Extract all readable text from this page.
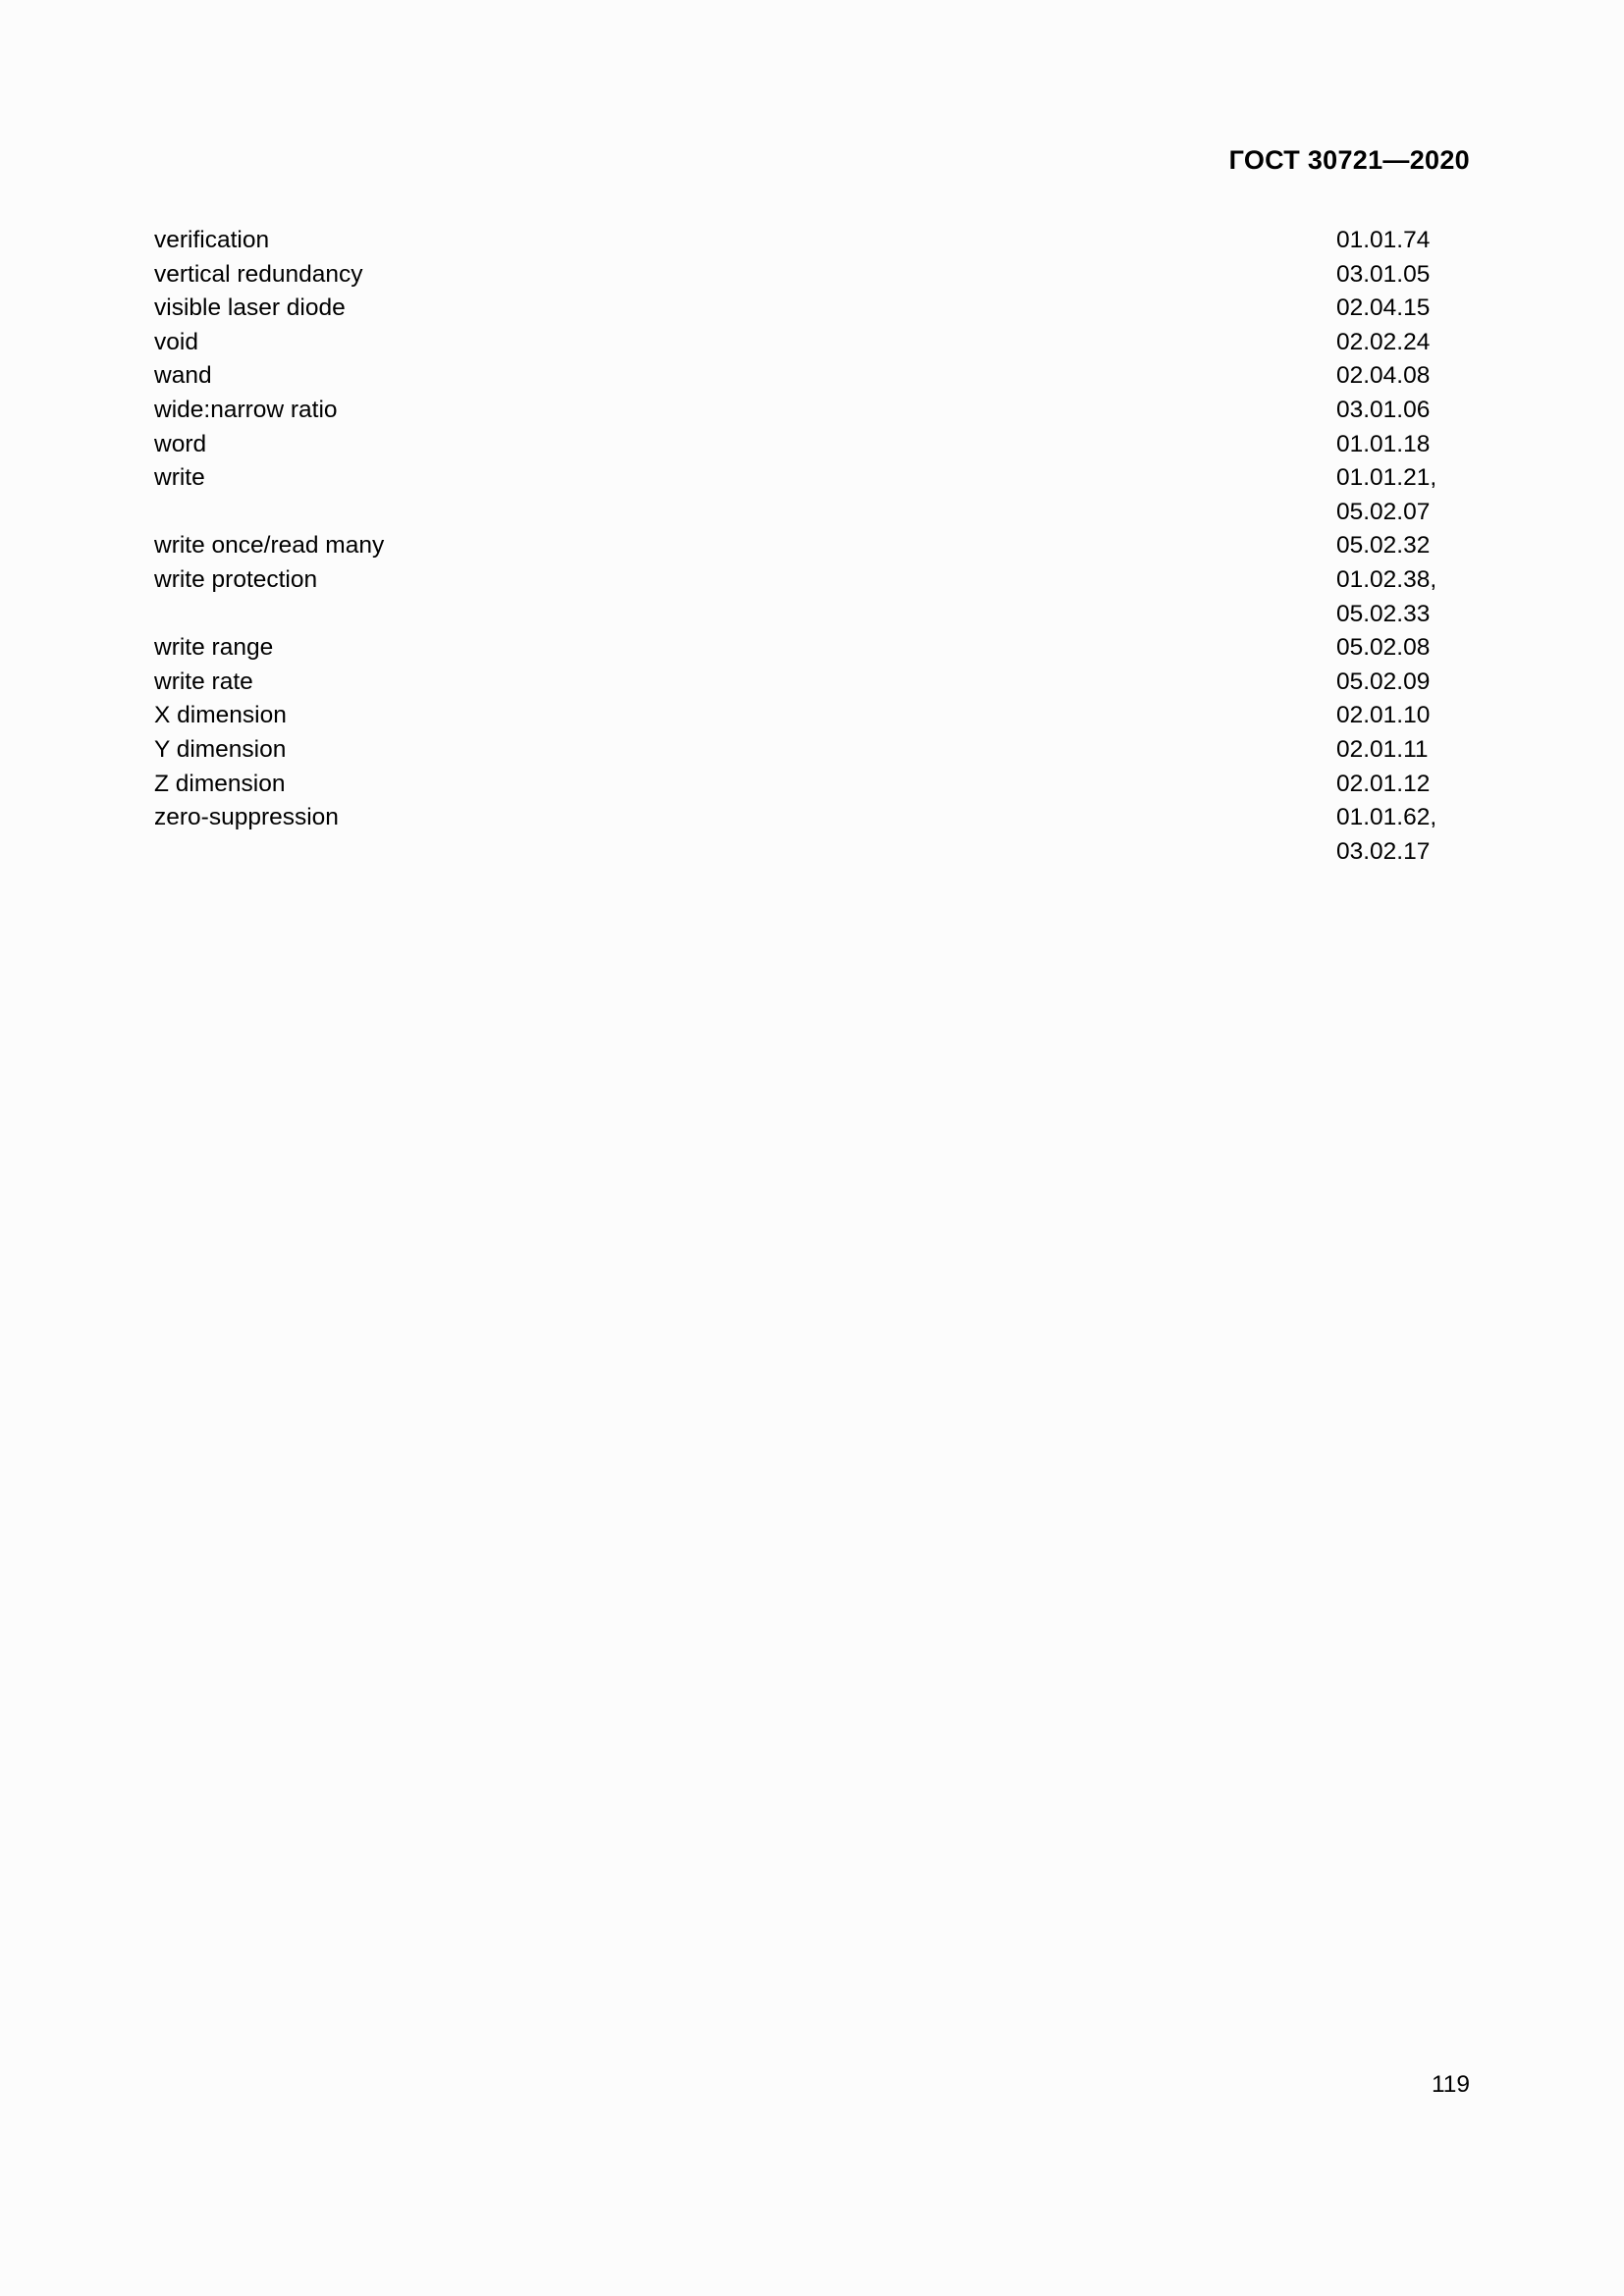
ГОСТ 30721—2020
verification	01.01.74
vertical redundancy	03.01.05
visible laser diode	02.04.15
void	02.02.24
wand	02.04.08
wide:narrow ratio	03.01.06
word	01.01.18
write	01.01.21,
05.02.07
write once/read many	05.02.32
write protection	01.02.38,
05.02.33
write range	05.02.08
write rate	05.02.09
X dimension	02.01.10
Y dimension	02.01.11
Z dimension	02.01.12
zero-suppression	01.01.62,
03.02.17
119
